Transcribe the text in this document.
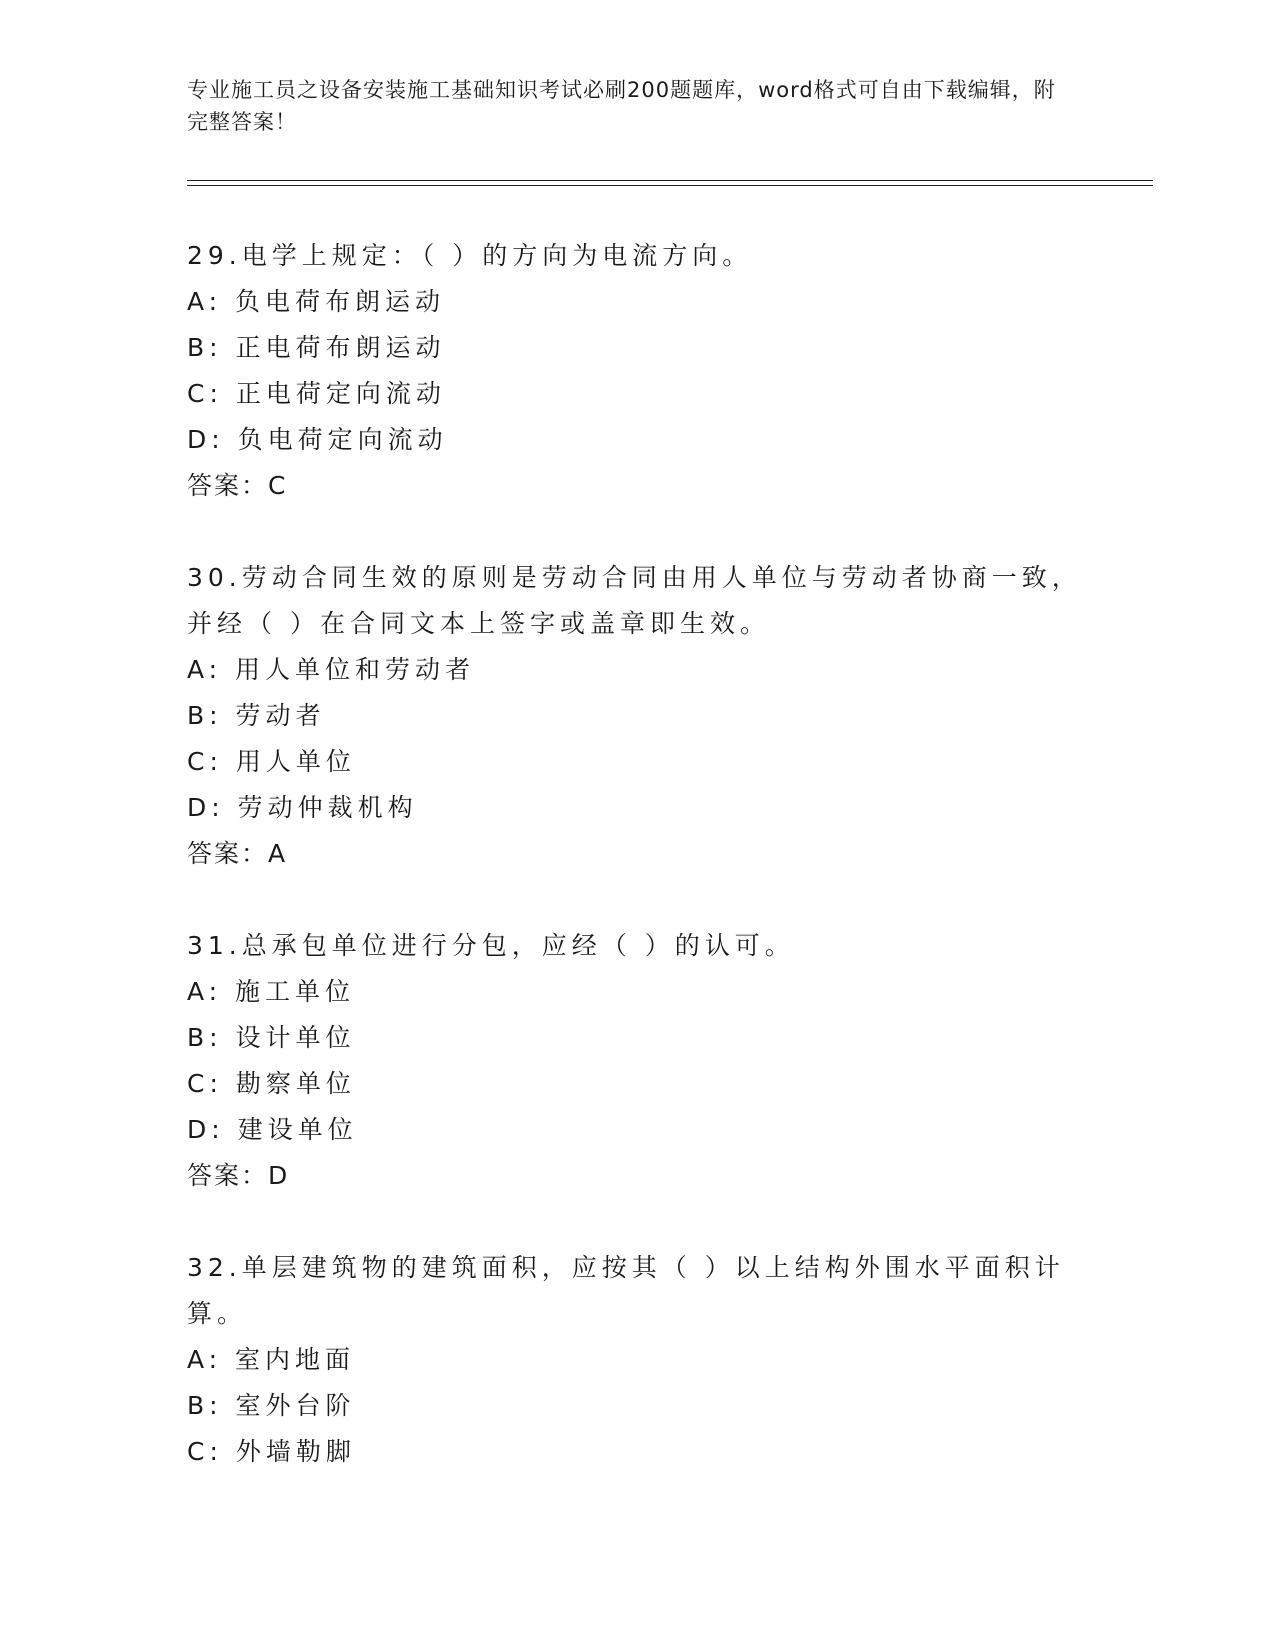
专业施工员之设备安装施工基础知识考试必刷200题题库，word格式可自由下载编辑，附完整答案！
29.电学上规定：（ ）的方向为电流方向。
A: 负电荷布朗运动
B: 正电荷布朗运动
C: 正电荷定向流动
D: 负电荷定向流动
答案：C
30.劳动合同生效的原则是劳动合同由用人单位与劳动者协商一致，并经（ ）在合同文本上签字或盖章即生效。
A: 用人单位和劳动者
B: 劳动者
C: 用人单位
D: 劳动仲裁机构
答案：A
31.总承包单位进行分包，应经（ ）的认可。
A: 施工单位
B: 设计单位
C: 勘察单位
D: 建设单位
答案：D
32.单层建筑物的建筑面积，应按其（ ）以上结构外围水平面积计算。
A: 室内地面
B: 室外台阶
C: 外墙勒脚
